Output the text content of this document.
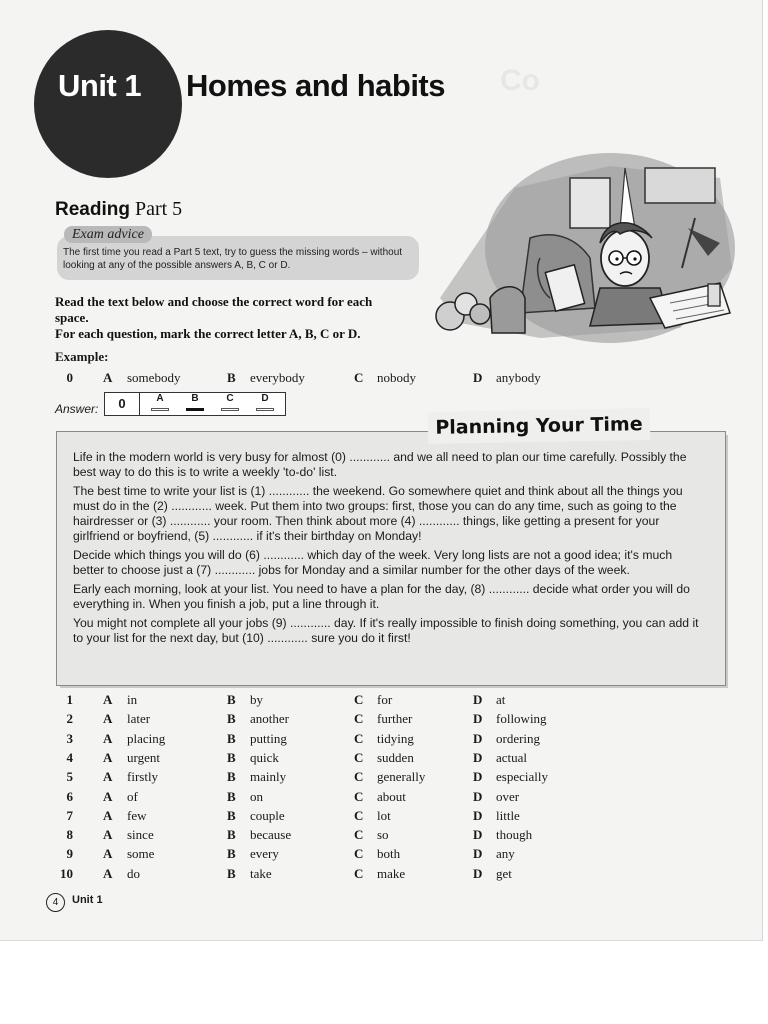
Co
Unit 1 Homes and habits
Reading Part 5
Exam advice
The first time you read a Part 5 text, try to guess the missing words – without looking at any of the possible answers A, B, C or D.

Read the text below and choose the correct word for each space.

For each question, mark the correct letter A, B, C or D.

Example:
0 A somebody	B everybody	C nobody	D anybody
Answer:	0	A	B	C	D
Planning Your Time

Life in the modern world is very busy for almost (0) ............ and we all need to plan our time carefully. Possibly the best way to do this is to write a weekly 'to-do' list.

The best time to write your list is (1) ............ the weekend. Go somewhere quiet and think about all the things you must do in the (2) ............ week. Put them into two groups: first, those you can do any time, such as going to the hairdresser or (3) ............ your room. Then think about more (4) ............ things, like getting a present for your girlfriend or boyfriend, (5) ............ if it's their birthday on Monday!

Decide which things you will do (6) ............ which day of the week. Very long lists are not a good idea; it's much better to choose just a (7) ............ jobs for Monday and a similar number for the other days of the week.

Early each morning, look at your list. You need to have a plan for the day, (8) ............ decide what order you will do everything in. When you finish a job, put a line through it.

You might not complete all your jobs (9) ............ day. If it's really impossible to finish doing something, you can add it to your list for the next day, but (10) ............ sure you do it first!

1 A in	B by	C for	D at
2 A later	B another	C further	D following
3 A placing	B putting	C tidying	D ordering
4 A urgent	B quick	C sudden	D actual
5 A firstly	B mainly	C generally	D especially
6 A of	B on	C about	D over
7 A few	B couple	C lot	D little
8 A since	B because	C so	D though
9 A some	B every	C both	D any
10 A do	B take	C make	D get
4	Unit 1
